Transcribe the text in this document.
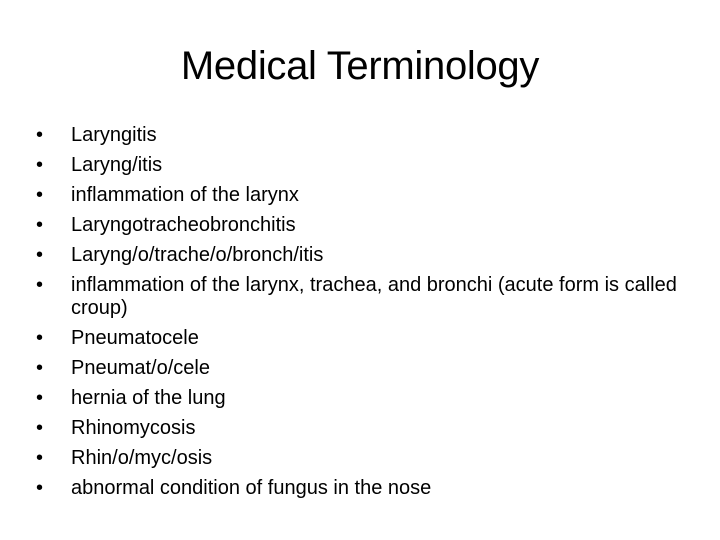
Medical Terminology
•	Laryngitis
•	Laryng/itis
•	inflammation of the larynx
•	Laryngotracheobronchitis
•	Laryng/o/trache/o/bronch/itis
•	inflammation of the larynx, trachea, and bronchi (acute form is called croup)
•	Pneumatocele
•	Pneumat/o/cele
•	hernia of the lung
•	Rhinomycosis
•	Rhin/o/myc/osis
•	abnormal condition of fungus in the nose
